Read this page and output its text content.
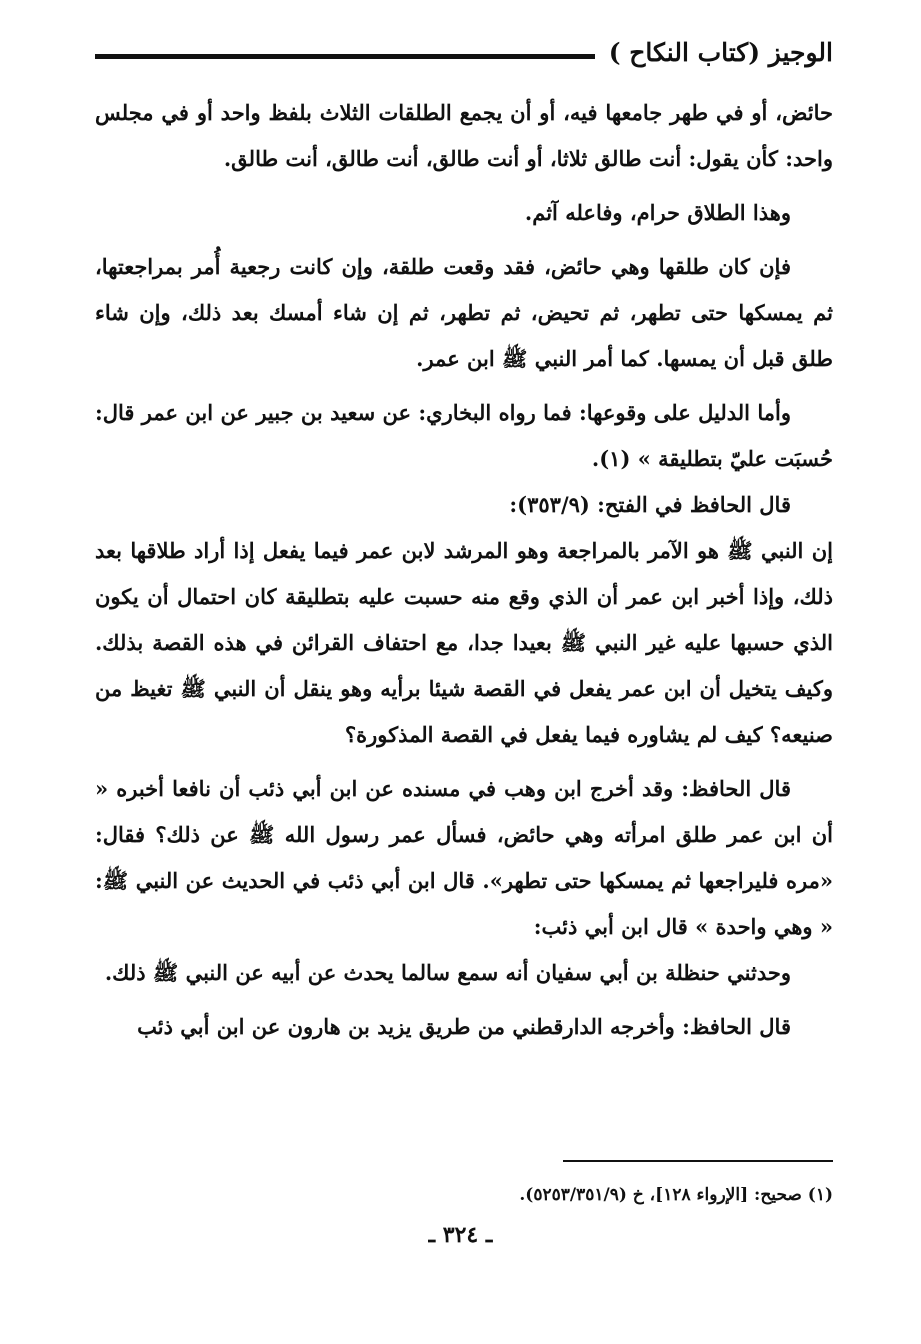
الوجيز (كتاب النكاح )

حائض، أو في طهر جامعها فيه، أو أن يجمع الطلقات الثلاث بلفظ واحد أو في مجلس واحد: كأن يقول: أنت طالق ثلاثا، أو أنت طالق، أنت طالق، أنت طالق.

وهذا الطلاق حرام، وفاعله آثم.

فإن كان طلقها وهي حائض، فقد وقعت طلقة، وإن كانت رجعية أُمر بمراجعتها، ثم يمسكها حتى تطهر، ثم تحيض، ثم تطهر، ثم إن شاء أمسك بعد ذلك، وإن شاء طلق قبل أن يمسها. كما أمر النبي ﷺ ابن عمر.

وأما الدليل على وقوعها: فما رواه البخاري: عن سعيد بن جبير عن ابن عمر قال: حُسبَت عليّ بتطليقة » (١).

قال الحافظ في الفتح: (٣٥٣/٩):

إن النبي ﷺ هو الآمر بالمراجعة وهو المرشد لابن عمر فيما يفعل إذا أراد طلاقها بعد ذلك، وإذا أخبر ابن عمر أن الذي وقع منه حسبت عليه بتطليقة كان احتمال أن يكون الذي حسبها عليه غير النبي ﷺ بعيدا جدا، مع احتفاف القرائن في هذه القصة بذلك. وكيف يتخيل أن ابن عمر يفعل في القصة شيئا برأيه وهو ينقل أن النبي ﷺ تغيظ من صنيعه؟ كيف لم يشاوره فيما يفعل في القصة المذكورة؟

قال الحافظ: وقد أخرج ابن وهب في مسنده عن ابن أبي ذئب أن نافعا أخبره « أن ابن عمر طلق امرأته وهي حائض، فسأل عمر رسول الله ﷺ عن ذلك؟ فقال: «مره فليراجعها ثم يمسكها حتى تطهر». قال ابن أبي ذئب في الحديث عن النبي ﷺ: « وهي واحدة » قال ابن أبي ذئب:

وحدثني حنظلة بن أبي سفيان أنه سمع سالما يحدث عن أبيه عن النبي ﷺ ذلك.

قال الحافظ: وأخرجه الدارقطني من طريق يزيد بن هارون عن ابن أبي ذئب

(١) صحيح: [الإرواء ١٢٨]، خ (٥٢٥٣/٣٥١/٩).
ـ ٣٢٤ ـ
